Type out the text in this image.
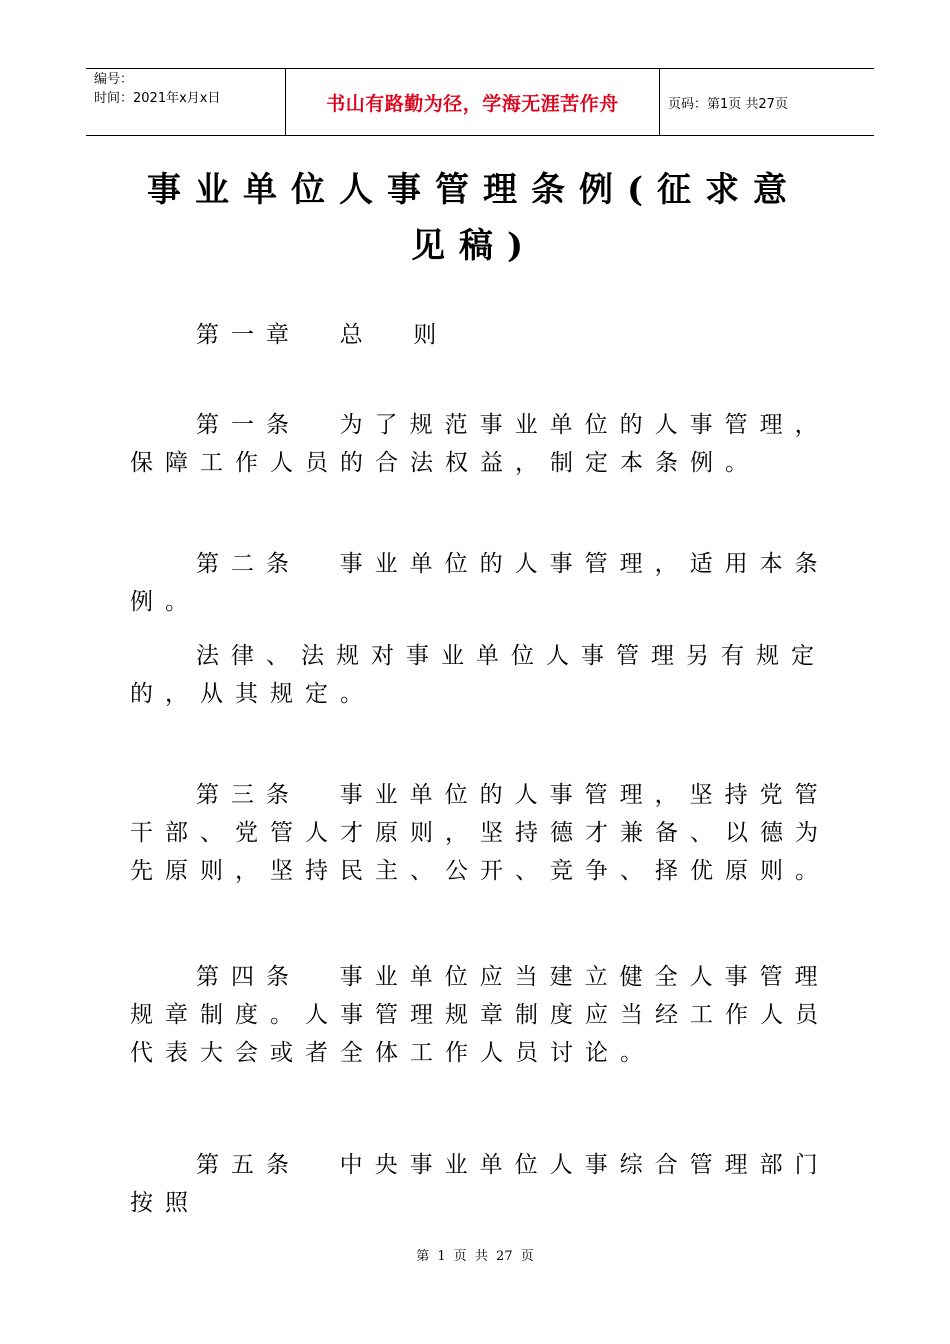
编号：
时间：2021年x月x日	书山有路勤为径，学海无涯苦作舟	页码：第1页 共27页
事业单位人事管理条例(征求意见稿)
第一章  总  则
第一条  为了规范事业单位的人事管理，保障工作人员的合法权益，制定本条例。
第二条  事业单位的人事管理，适用本条例。
法律、法规对事业单位人事管理另有规定的，从其规定。
第三条  事业单位的人事管理，坚持党管干部、党管人才原则，坚持德才兼备、以德为先原则，坚持民主、公开、竞争、择优原则。
第四条  事业单位应当建立健全人事管理规章制度。人事管理规章制度应当经工作人员代表大会或者全体工作人员讨论。
第五条  中央事业单位人事综合管理部门按照
第 1 页 共 27 页
